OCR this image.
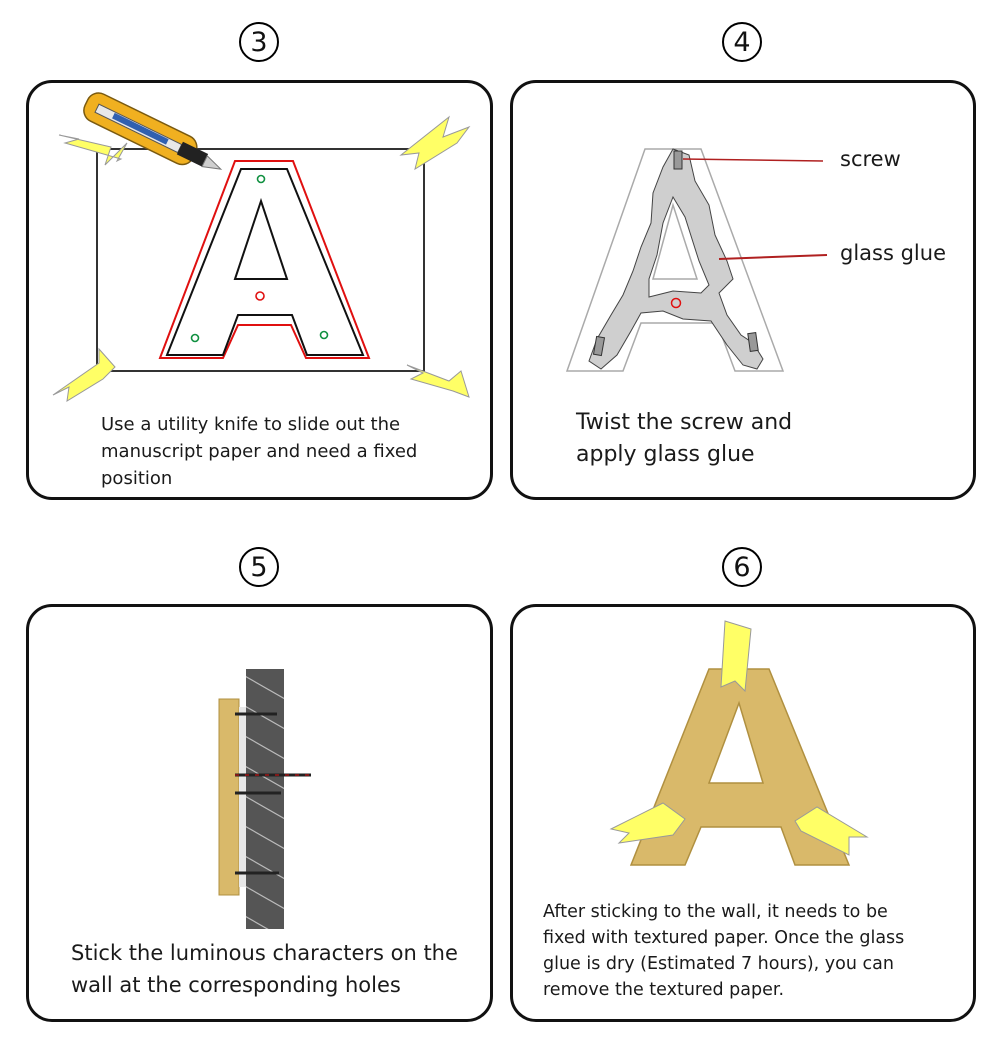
3
Use a utility knife to slide out the
manuscript paper and need a fixed
position
4
screw
glass glue
Twist the screw and
apply glass glue
5
Stick the luminous characters on the
wall at the corresponding holes
6
After sticking to the wall, it needs to be
fixed with textured paper. Once the glass
glue is dry (Estimated 7 hours), you can
remove the textured paper.
